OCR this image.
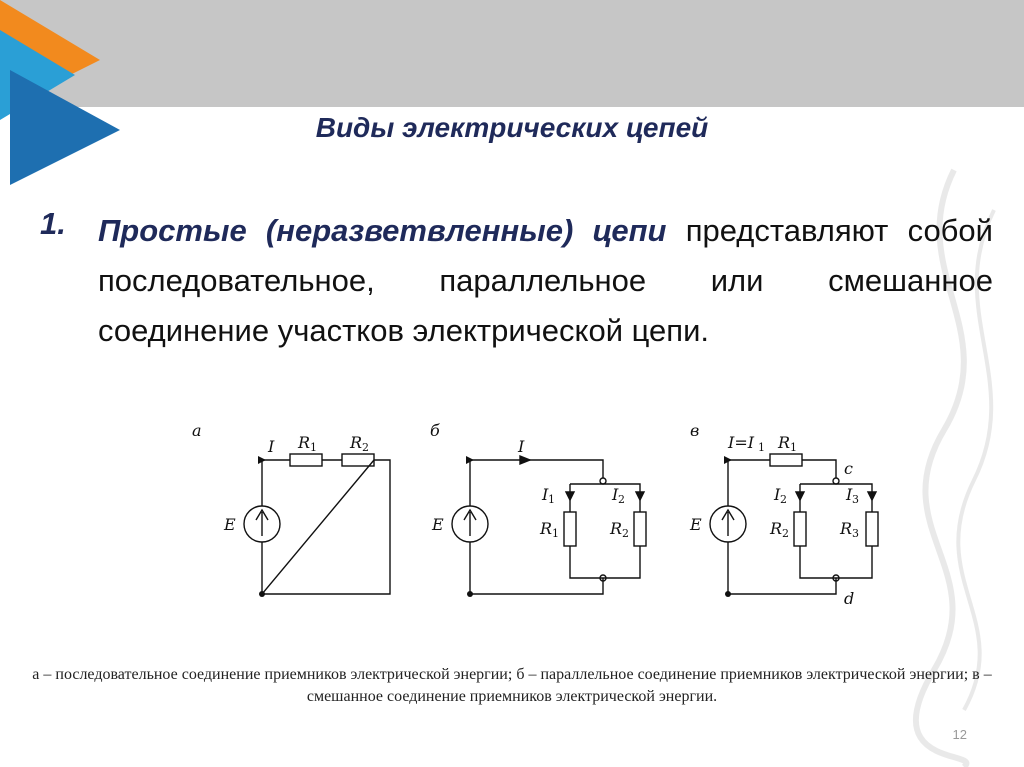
Виды электрических цепей
1. Простые (неразветвленные) цепи представляют собой последовательное, параллельное или смешанное соединение участков электрической цепи.
а	б	в
I R 1 R 2
E
I
E
I 1	I 2
R 1	R 2
I=I 1 R 1
c
d
E
I 2	I 3
R 2	R 3
а – последовательное соединение приемников электрической энергии; б – параллельное соединение приемников электрической энергии; в – смешанное соединение приемников электрической энергии.
12
